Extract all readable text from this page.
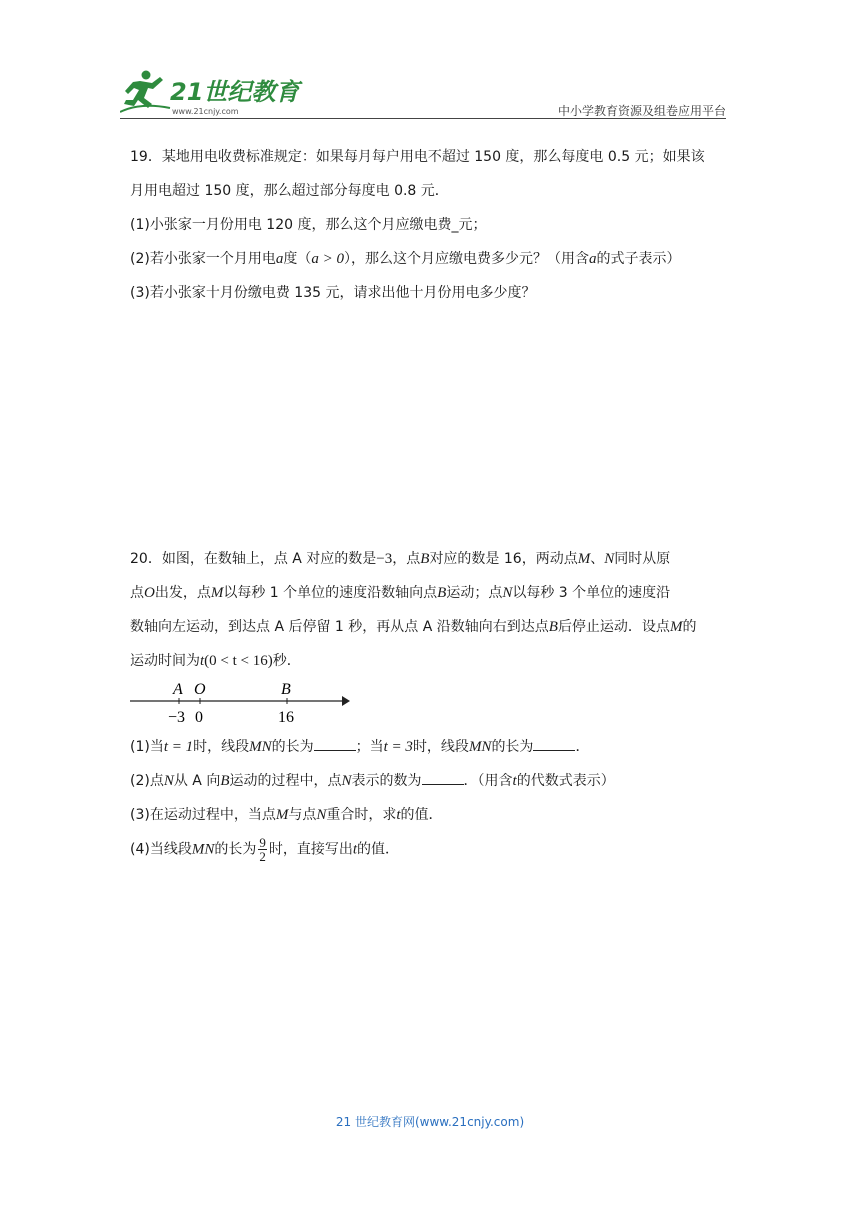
21世纪教育
www.21cnjy.com	中小学教育资源及组卷应用平台

19．某地用电收费标准规定：如果每月每户用电不超过 150 度，那么每度电 0.5 元；如果该

月用电超过 150 度，那么超过部分每度电 0.8 元．

(1)小张家一月份用电 120 度，那么这个月应缴电费_元；

(2)若小张家一个月用电a度（a > 0），那么这个月应缴电费多少元？（用含a的式子表示）

(3)若小张家十月份缴电费 135 元，请求出他十月份用电多少度？

20．如图，在数轴上，点 A 对应的数是−3，点B对应的数是 16，两动点M、N同时从原

点O出发，点M以每秒 1 个单位的速度沿数轴向点B运动；点N以每秒 3 个单位的速度沿

数轴向左运动，到达点 A 后停留 1 秒，再从点 A 沿数轴向右到达点B后停止运动．设点M的

运动时间为t(0 < t < 16)秒．

A O	B
−3 0	16

(1)当t = 1时，线段MN的长为	；当t = 3时，线段MN的长为	．

(2)点N从 A 向B运动的过程中，点N表示的数为	．（用含t的代数式表示）

(3)在运动过程中，当点M与点N重合时，求t的值．

(4)当线段MN的长为 $\frac{9}{2}$ 时，直接写出t的值．

21 世纪教育网(www.21cnjy.com)
